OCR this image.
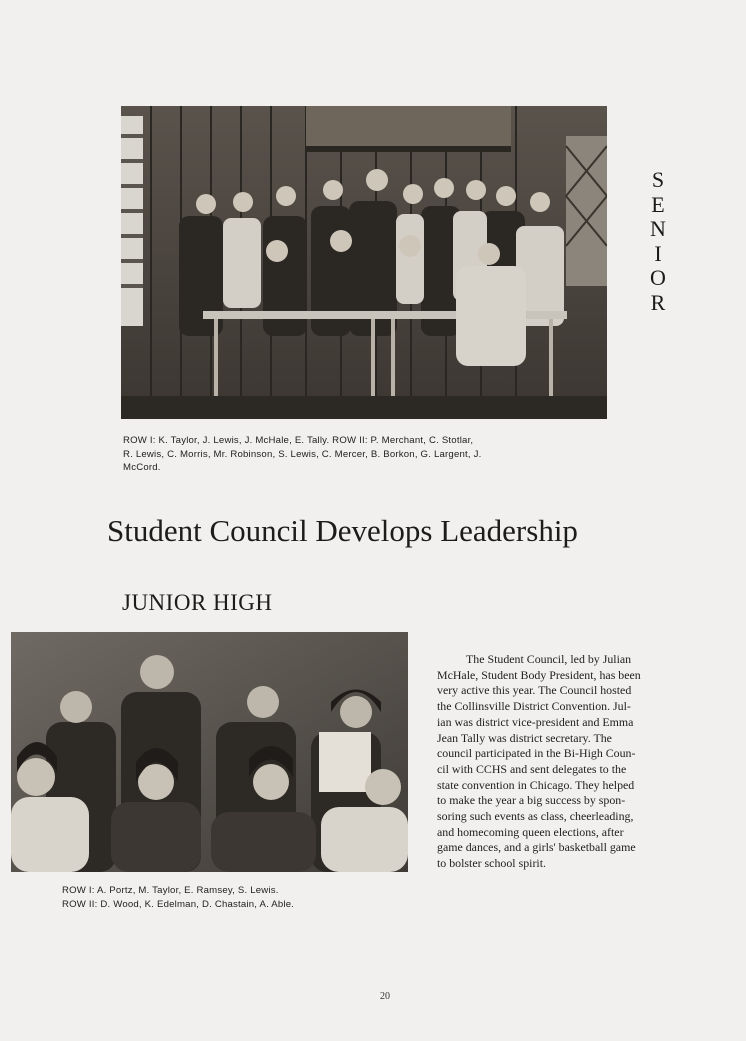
S
E
N
I
O
R
ROW I: K. Taylor, J. Lewis, J. McHale, E. Tally. ROW II: P. Merchant, C. Stotlar,
R. Lewis, C. Morris, Mr. Robinson, S. Lewis, C. Mercer, B. Borkon, G. Largent, J.
McCord.
Student Council Develops Leadership
JUNIOR HIGH
ROW I: A. Portz, M. Taylor, E. Ramsey, S. Lewis.
ROW II: D. Wood, K. Edelman, D. Chastain, A. Able.
The Student Council, led by Julian
McHale, Student Body President, has been
very active this year. The Council hosted
the Collinsville District Convention. Jul-
ian was district vice-president and Emma
Jean Tally was district secretary. The
council participated in the Bi-High Coun-
cil with CCHS and sent delegates to the
state convention in Chicago. They helped
to make the year a big success by spon-
soring such events as class, cheerleading,
and homecoming queen elections, after
game dances, and a girls' basketball game
to bolster school spirit.
20
